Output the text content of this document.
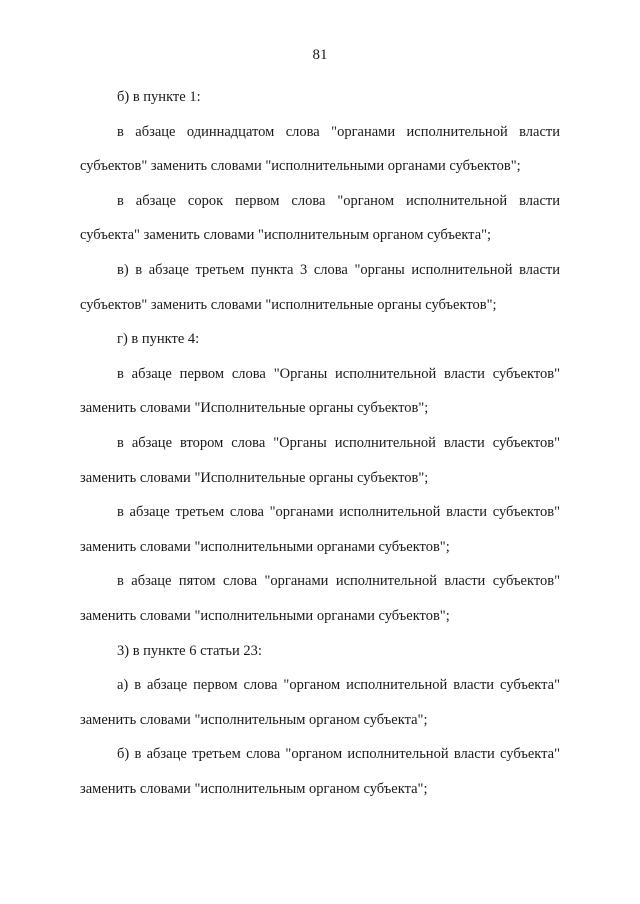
81

б) в пункте 1:

в абзаце одиннадцатом слова "органами исполнительной власти субъектов" заменить словами "исполнительными органами субъектов";

в абзаце сорок первом слова "органом исполнительной власти субъекта" заменить словами "исполнительным органом субъекта";

в) в абзаце третьем пункта 3 слова "органы исполнительной власти субъектов" заменить словами "исполнительные органы субъектов";

г) в пункте 4:

в абзаце первом слова "Органы исполнительной власти субъектов" заменить словами "Исполнительные органы субъектов";

в абзаце втором слова "Органы исполнительной власти субъектов" заменить словами "Исполнительные органы субъектов";

в абзаце третьем слова "органами исполнительной власти субъектов" заменить словами "исполнительными органами субъектов";

в абзаце пятом слова "органами исполнительной власти субъектов" заменить словами "исполнительными органами субъектов";

3) в пункте 6 статьи 23:

а) в абзаце первом слова "органом исполнительной власти субъекта" заменить словами "исполнительным органом субъекта";

б) в абзаце третьем слова "органом исполнительной власти субъекта" заменить словами "исполнительным органом субъекта";
